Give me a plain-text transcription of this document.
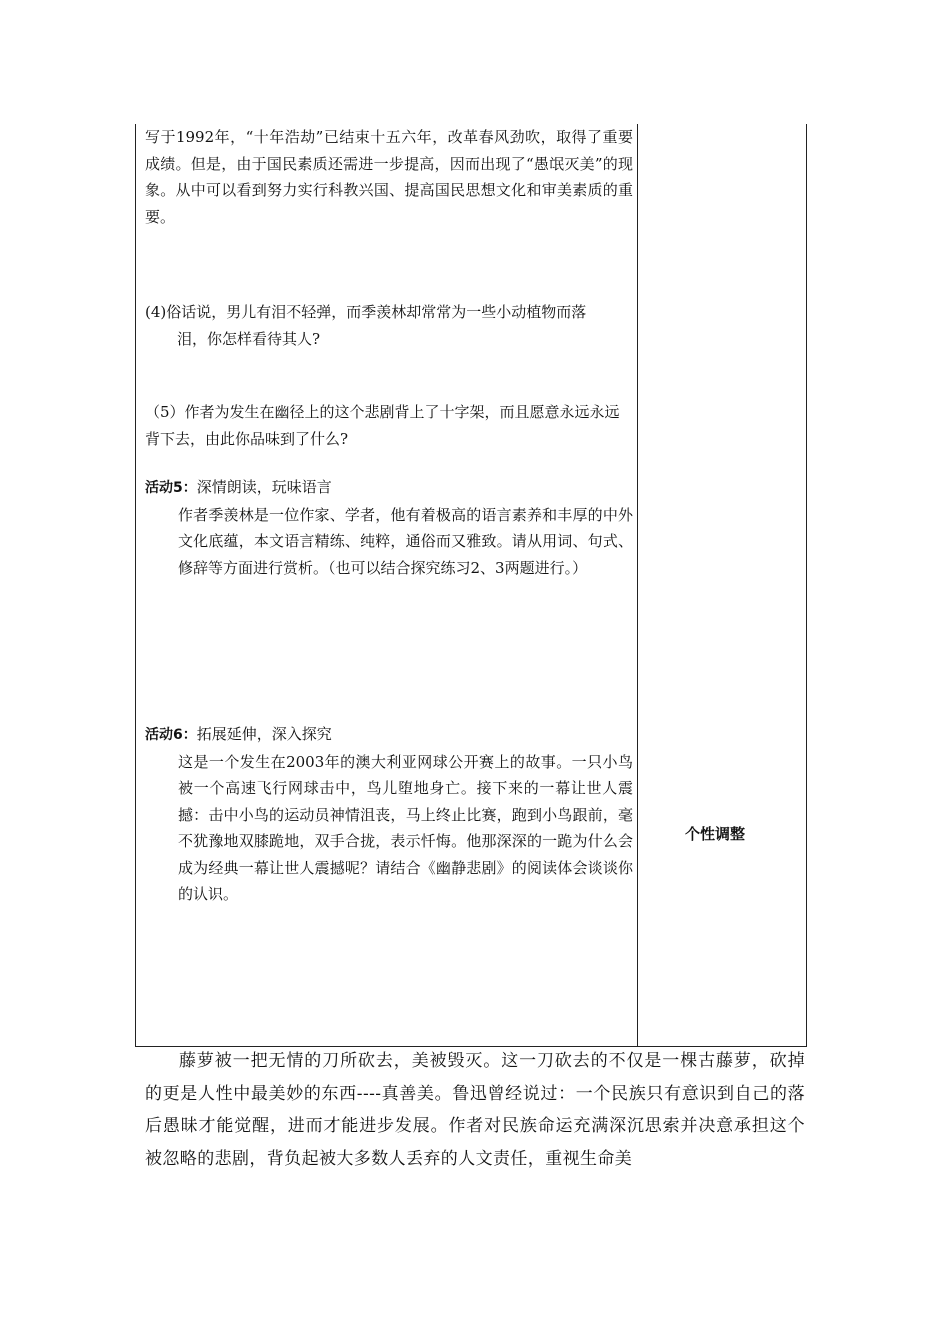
写于1992年，“十年浩劫”已结束十五六年，改革春风劲吹，取得了重要成绩。但是，由于国民素质还需进一步提高，因而出现了“愚氓灭美”的现象。从中可以看到努力实行科教兴国、提高国民思想文化和审美素质的重要。

(4)俗话说，男儿有泪不轻弹，而季羡林却常常为一些小动植物而落

泪，你怎样看待其人?

（5）作者为发生在幽径上的这个悲剧背上了十字架，而且愿意永远永远背下去，由此你品味到了什么?

活动5：深情朗读，玩味语言

作者季羡林是一位作家、学者，他有着极高的语言素养和丰厚的中外文化底蕴，本文语言精练、纯粹，通俗而又雅致。请从用词、句式、修辞等方面进行赏析。（也可以结合探究练习2、3两题进行。）

活动6：拓展延伸，深入探究

这是一个发生在2003年的澳大利亚网球公开赛上的故事。一只小鸟被一个高速飞行网球击中，鸟儿堕地身亡。接下来的一幕让世人震撼：击中小鸟的运动员神情沮丧，马上终止比赛，跑到小鸟跟前，毫不犹豫地双膝跪地，双手合拢，表示忏悔。他那深深的一跪为什么会成为经典一幕让世人震撼呢？请结合《幽静悲剧》的阅读体会谈谈你的认识。

个性调整
藤萝被一把无情的刀所砍去，美被毁灭。这一刀砍去的不仅是一棵古藤萝，砍掉的更是人性中最美妙的东西----真善美。鲁迅曾经说过：一个民族只有意识到自己的落后愚昧才能觉醒，进而才能进步发展。作者对民族命运充满深沉思索并决意承担这个被忽略的悲剧，背负起被大多数人丢弃的人文责任，重视生命美
